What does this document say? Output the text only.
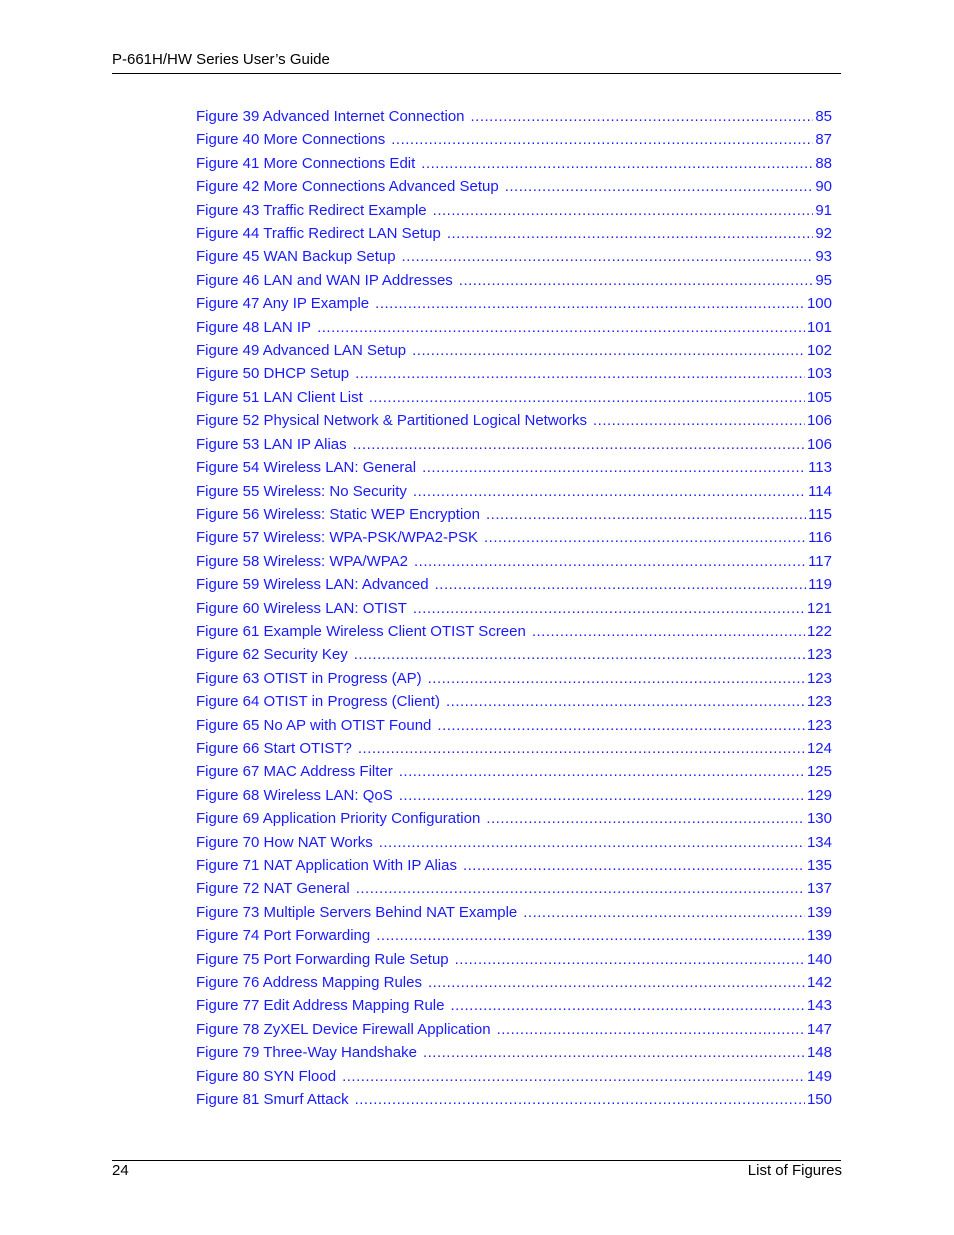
P-661H/HW Series User’s Guide
Figure 39 Advanced Internet Connection .....	85
Figure 40 More Connections .....	87
Figure 41 More Connections Edit .....	88
Figure 42 More Connections Advanced Setup .....	90
Figure 43 Traffic Redirect Example .....	91
Figure 44 Traffic Redirect LAN Setup .....	92
Figure 45 WAN Backup Setup .....	93
Figure 46 LAN and WAN IP Addresses .....	95
Figure 47 Any IP Example .....	100
Figure 48 LAN IP .....	101
Figure 49 Advanced LAN Setup .....	102
Figure 50 DHCP Setup .....	103
Figure 51 LAN Client List .....	105
Figure 52 Physical Network & Partitioned Logical Networks .....	106
Figure 53 LAN IP Alias .....	106
Figure 54 Wireless LAN: General .....	113
Figure 55 Wireless: No Security .....	114
Figure 56 Wireless: Static WEP Encryption .....	115
Figure 57 Wireless: WPA-PSK/WPA2-PSK .....	116
Figure 58 Wireless: WPA/WPA2 .....	117
Figure 59 Wireless LAN: Advanced .....	119
Figure 60 Wireless LAN: OTIST .....	121
Figure 61 Example Wireless Client OTIST Screen .....	122
Figure 62 Security Key .....	123
Figure 63 OTIST in Progress (AP) .....	123
Figure 64 OTIST in Progress (Client) .....	123
Figure 65 No AP with OTIST Found .....	123
Figure 66 Start OTIST? .....	124
Figure 67 MAC Address Filter .....	125
Figure 68 Wireless LAN: QoS .....	129
Figure 69 Application Priority Configuration .....	130
Figure 70 How NAT Works .....	134
Figure 71 NAT Application With IP Alias .....	135
Figure 72 NAT General .....	137
Figure 73 Multiple Servers Behind NAT Example .....	139
Figure 74 Port Forwarding .....	139
Figure 75 Port Forwarding Rule Setup .....	140
Figure 76 Address Mapping Rules .....	142
Figure 77 Edit Address Mapping Rule .....	143
Figure 78 ZyXEL Device Firewall Application .....	147
Figure 79 Three-Way Handshake .....	148
Figure 80 SYN Flood .....	149
Figure 81 Smurf Attack .....	150
24	List of Figures
